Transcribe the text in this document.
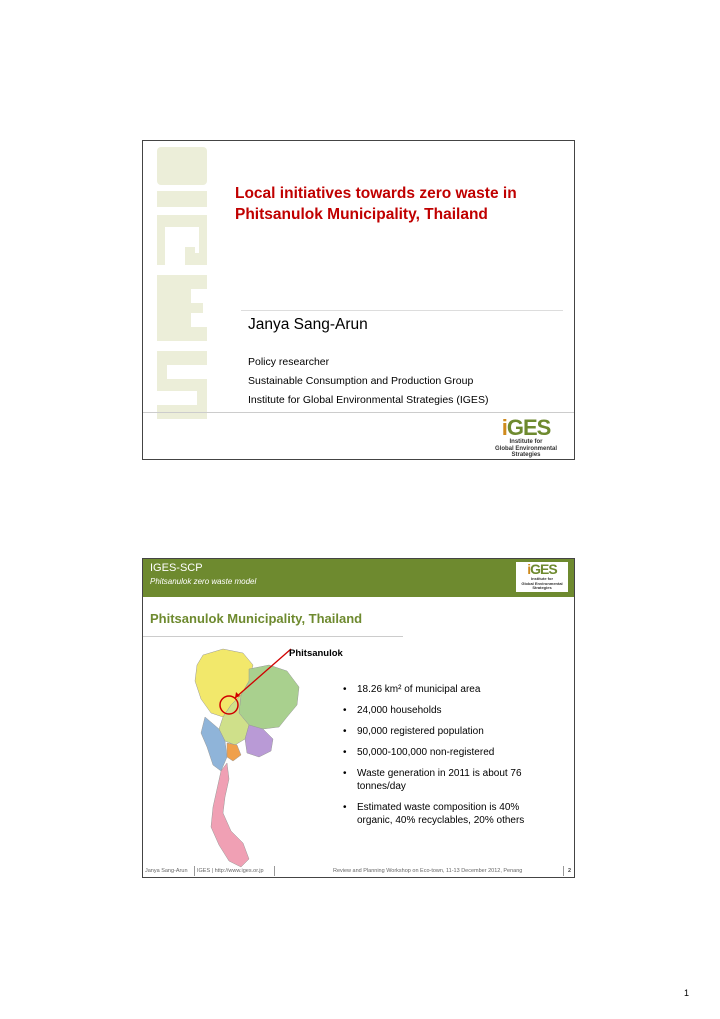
Local initiatives towards zero waste in Phitsanulok Municipality, Thailand
Janya Sang-Arun
Policy researcher
Sustainable Consumption and Production Group
Institute for Global Environmental Strategies (IGES)
iGES
Institute for
Global Environmental
Strategies
IGES-SCP
Phitsanulok zero waste model
iGES
Institute for
Global Environmental
Strategies
Phitsanulok Municipality, Thailand
Phitsanulok
• 18.26 km² of municipal area
• 24,000 households
• 90,000 registered population
• 50,000-100,000 non-registered
• Waste generation in 2011 is about 76 tonnes/day
• Estimated waste composition is 40% organic, 40% recyclables, 20% others
Janya Sang-Arun IGES | http://www.iges.or.jp	Review and Planning Workshop on Eco-town, 11-13 December 2012, Penang	2
1
